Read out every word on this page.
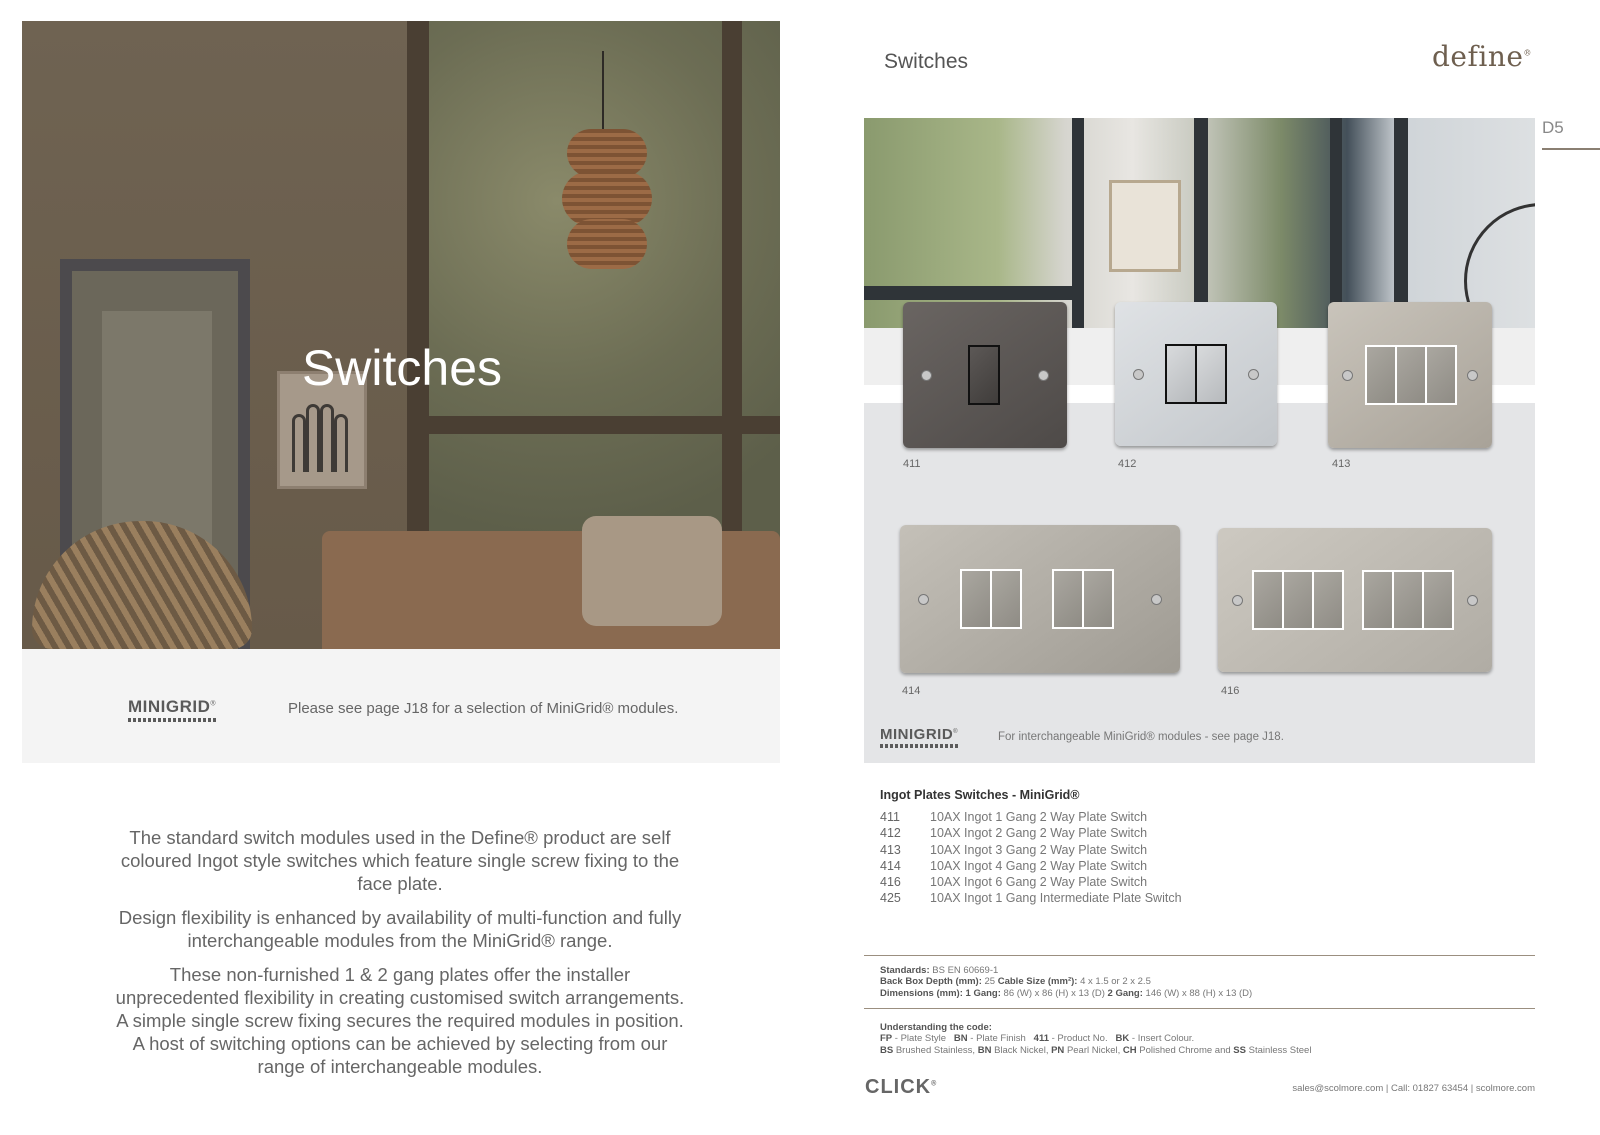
Switches
MINIGRID®	Please see page J18 for a selection of MiniGrid® modules.

The standard switch modules used in the Define® product are self coloured Ingot style switches which feature single screw fixing to the face plate.

Design flexibility is enhanced by availability of multi-function and fully interchangeable modules from the MiniGrid® range.

These non-furnished 1 & 2 gang plates offer the installer unprecedented flexibility in creating customised switch arrangements. A simple single screw fixing secures the required modules in position. A host of switching options can be achieved by selecting from our range of interchangeable modules.

Switches	define®
D5
411	412	413
414	416
MINIGRID®	For interchangeable MiniGrid® modules - see page J18.
Ingot Plates Switches - MiniGrid®
411	10AX Ingot 1 Gang 2 Way Plate Switch
412	10AX Ingot 2 Gang 2 Way Plate Switch
413	10AX Ingot 3 Gang 2 Way Plate Switch
414	10AX Ingot 4 Gang 2 Way Plate Switch
416	10AX Ingot 6 Gang 2 Way Plate Switch
425	10AX Ingot 1 Gang Intermediate Plate Switch
Standards: BS EN 60669-1
Back Box Depth (mm): 25 Cable Size (mm²): 4 x 1.5 or 2 x 2.5
Dimensions (mm): 1 Gang: 86 (W) x 86 (H) x 13 (D) 2 Gang: 146 (W) x 88 (H) x 13 (D)
Understanding the code:
FP - Plate Style BN - Plate Finish 411 - Product No. BK - Insert Colour.
BS Brushed Stainless, BN Black Nickel, PN Pearl Nickel, CH Polished Chrome and SS Stainless Steel
CLICK®	sales@scolmore.com | Call: 01827 63454 | scolmore.com
